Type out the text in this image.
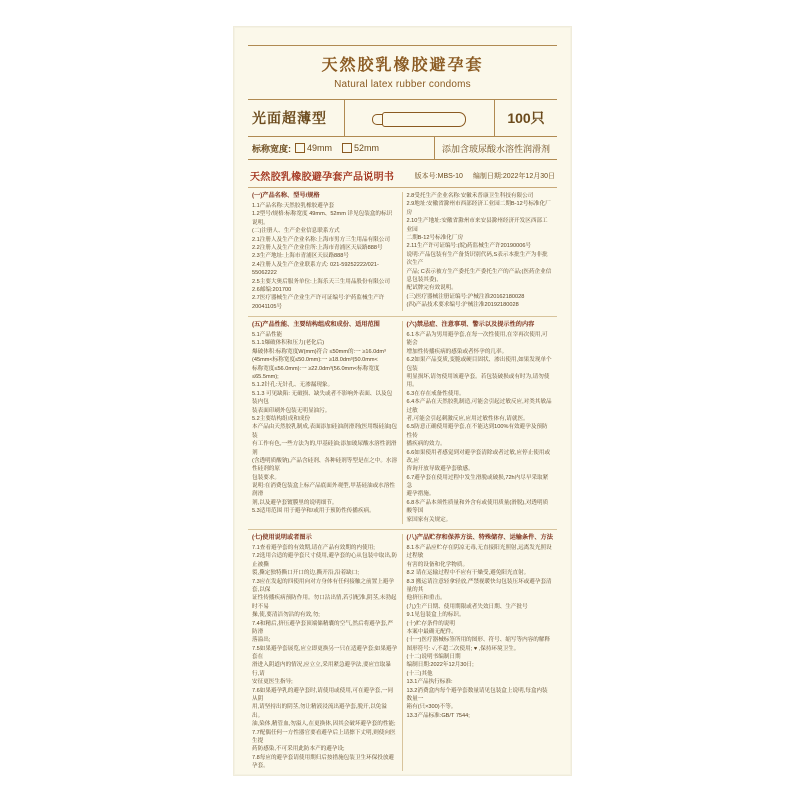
天然胶乳橡胶避孕套
Natural latex rubber condoms
光面超薄型	100只
标称宽度: 49mm 52mm	添加含玻尿酸水溶性润滑剂
天然胶乳橡胶避孕套产品说明书	版本号:MBS-10 编制日期:2022年12月30日
(一)产品名称、型号/规格
1.1产品名称:天然胶乳橡胶避孕套
1.2型号/规格:标称宽度 49mm、52mm 详见包装盒的标识说明。
(二)注册人、生产企业信息联系方式
2.1注册人及生产企业名称:上海市男方三生用品有限公司
2.2注册人及生产企业住所:上海市青浦区天辰路888号
2.3生产地址:上海市青浦区天辰路888号
2.4注册人及生产企业联系方式: 021-59252222/021-55062222
2.5主要大奥后服务单位:上海乐天三生用品股份有限公司
2.6邮编:201700
2.7医疗器械生产企业生产许可证编号:沪药监械生产许20041105号
2.8受托生产企业名称:安徽禾普康卫生科技有限公司
2.9地址:安徽省滁州市西部经济工业园二期B-12号标准化厂房
2.10生产地址:安徽省滁州市来安县滁州经济开发区西部工业园
二期B-12号标准化厂房
2.11生产许可证编号:(皖)药监械生产许20190006号
说明:产品包装有生产备货识别代码,S表示本批生产为非批次生产
产品; C表示被方生产委托生产委托生产的产品;(医药企业信息包装其委),
配试牌完有效说明。
(三)医疗器械注册证编号:沪械注准20162180028
(四)产品技术要求编号:沪械注准20192180028
(五)产品性能、主要结构组成和成份、适用范围
5.1产品性能
5.1.1爆破体积和压力(老化后)
爆破体积:标称宽度W(mm)符合 ≤50mm的:一 ≥16.0dm³
(45mm<标称宽度≤50.0mm):一 ≥18.0dm³(50.0mm<
标称宽度≤56.0mm):一 ≥22.0dm³(56.0mm<标称宽度
≤65.5mm);
5.1.2针孔:无针孔、无渗漏现象。
5.1.3 可见缺陷: 无破损、缺失或者不影响外表面、以及包装内包
装表面印刷外包装无明显油污。
5.2主要结构组成和成份
本产品由天然胶乳制成,表面添加硅油润滑剂(医用级硅油)包装
有工作有色,一些方法为的,甲基硅油;添加玻尿酸水溶性润滑剂
(含透明质酸钠),产品含硅剂、各种硅剂等型是在之中。水溶性硅剂的原
包装要求。
说明:在消费包装盒上标产品底面外观型,甲基硅油或水溶性润滑
剂,以及避孕套镀膜里的说明细节。
5.3适用范围 用于避孕和/或用于预防性传播疾病。
(六)禁忌症、注意事项、警示以及提示性的内容
6.1本产品为男用避孕套,在每一次性使用,在宰再次使用,可能会
增加性传播疾病的感染或者怀孕的几率。
6.2如果产品变质,变脆或硬目固状、渗出使用,如果发现单个包装
明显损坏,请勿使用该避孕套。若包装破损或有时为,请勿使用。
6.3在存在戒备性使用。
6.4本产品在天然胶乳制造,可能会引起过敏反应,对类其敏品过敏
者,可能会引起刺激反应,应用过敏性体有,请就医。
6.5防意正确使用避孕套,在不能达到100%有效避孕及预防性传
播疾病的效力。
6.6如果使用者感觉到对避孕套清除或者过敏,应停止使用或改,应
咨询开放导致避孕套敏感。
6.7避孕套在使用过程中发生滑脱或破损,72h内尽早采取紧急
避孕措施。
6.8本产品本须性质量和外含有或使用质量(滑脱),对透明质酸等国
家国家有关规定。
(七)使用说明或者图示
7.1查看避孕套的有效期,请在产品有效期的内使用;
7.2选用合适的避孕套尺寸使用,避孕套的心从包装中取出,防止被撕
裂,撕定独特撕口开口的边,撕开沿,沿着缺口;
7.3应在发起的四使用向对方身体有任何接触之前置上避孕套,以保
证性传播疾病预防作用。勿口沾出情,若引配准,阴茎,未勃起时不易
操,使,要清洁勿沾的有效,勿;
7.4和精后,挤压避孕套顶端储精囊的空气,然后将避孕套,严防滑
落溢出;
7.5如果避孕套展览,应立即更换另一只在适避孕套;如果避孕套在
滑进入阴道内的情况,应立立,采用紧急避孕法,要应宜取暴行,请
安征更医生指导;
7.6如果避孕乳的避孕套时,请使用或使用,可在避孕套,一同从阴
用,请坚持出的阴茎,勿让精液浸流出避孕套,脱开,以免溢出。
油,染体,精管血,勿溢人,在更换体,因其会破坏避孕套的性能;
7.7配偶任何一方性器官要看避孕后上请擦下丈明,则使向医生提
药防感染,不可采用此防本产的避孕设;
7.8每应的避孕套请使用期归后按措施包装卫生环保投放避孕套。
(八)产品贮存和保养方法、特殊储存、运输条件、方法
8.1本产品应贮存在阴凉无毒,无直接阳光照射,远离发光照设过程敏
有害的设备和化学物质。
8.2 请在运输过程中不应有干燥受,避免阳光直射。
8.3 搬运请注意轻拿轻放,严禁视暖快勾包装压坏或避孕套清量的其
他挤压和重击。
(九)生产日期、使用期限或者失效日期、生产批号
9.1见包装盒上的标识。
(十)贮存条件的说明
本案中最确无配件。
(十一)医疗器械标签所用的图形、符号、缩写等内容的解释
图形符号: ✓,不超二次使用; ♥ ,保持环境卫生。
(十二)说明书编制日期
编制日期:2022年12月30日;
(十三)其他
13.1产品执行标准:
13.2消费盒内每个避孕套数量请见包装盒上说明,每盒内装数量一
箱有(只×300)不等。
13.3产品标准:GB/T 7544;
